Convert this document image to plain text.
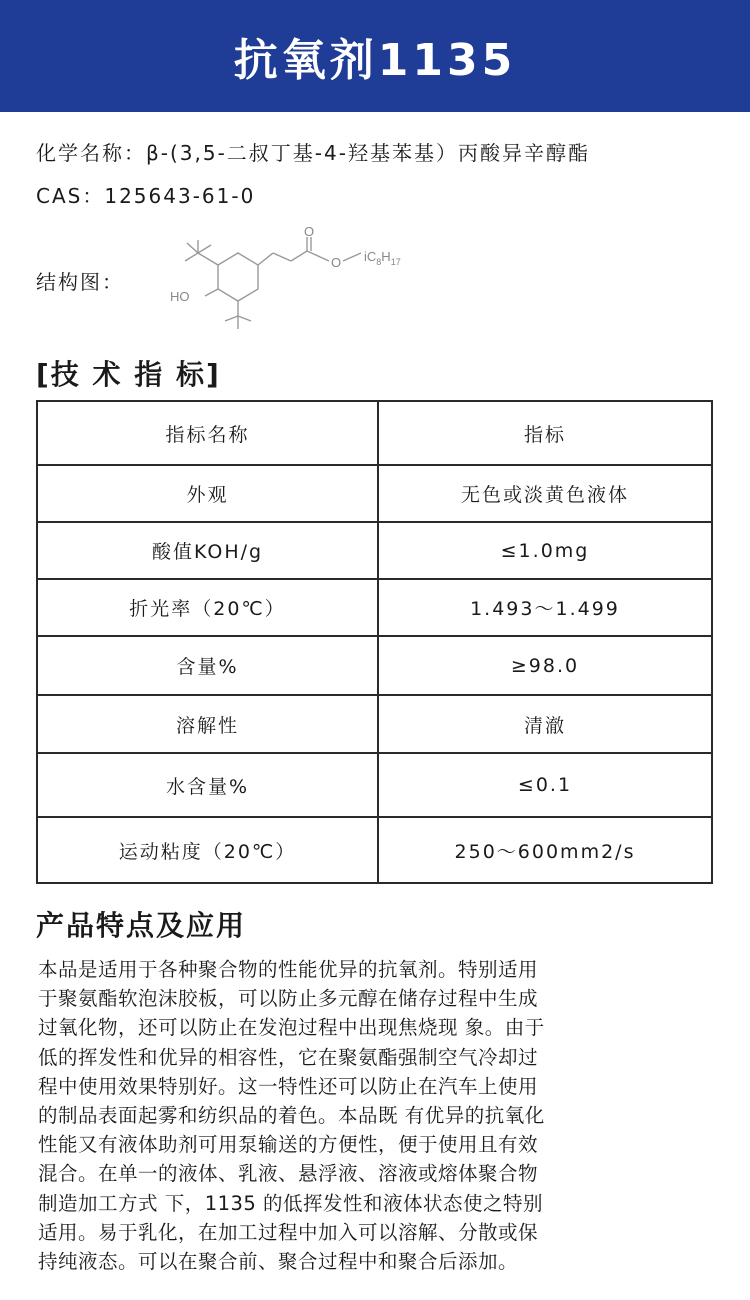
抗氧剂1135
化学名称：β-(3,5-二叔丁基-4-羟基苯基）丙酸异辛醇酯
CAS：125643-61-0
结构图：
HO
O
O $iC_8H_{17}$
[技 术 指 标]
指标名称	指标
外观	无色或淡黄色液体
酸值KOH/g	≤1.0mg
折光率（20℃）	1.493～1.499
含量%	≥98.0
溶解性	清澈
水含量%	≤0.1
运动粘度（20℃）	250～600mm2/s
产品特点及应用
本品是适用于各种聚合物的性能优异的抗氧剂。特别适用
于聚氨酯软泡沫胶板，可以防止多元醇在储存过程中生成
过氧化物，还可以防止在发泡过程中出现焦烧现 象。由于
低的挥发性和优异的相容性，它在聚氨酯强制空气冷却过
程中使用效果特别好。这一特性还可以防止在汽车上使用
的制品表面起雾和纺织品的着色。本品既 有优异的抗氧化
性能又有液体助剂可用泵输送的方便性，便于使用且有效
混合。在单一的液体、乳液、悬浮液、溶液或熔体聚合物
制造加工方式 下，1135 的低挥发性和液体状态使之特别
适用。易于乳化，在加工过程中加入可以溶解、分散或保
持纯液态。可以在聚合前、聚合过程中和聚合后添加。
